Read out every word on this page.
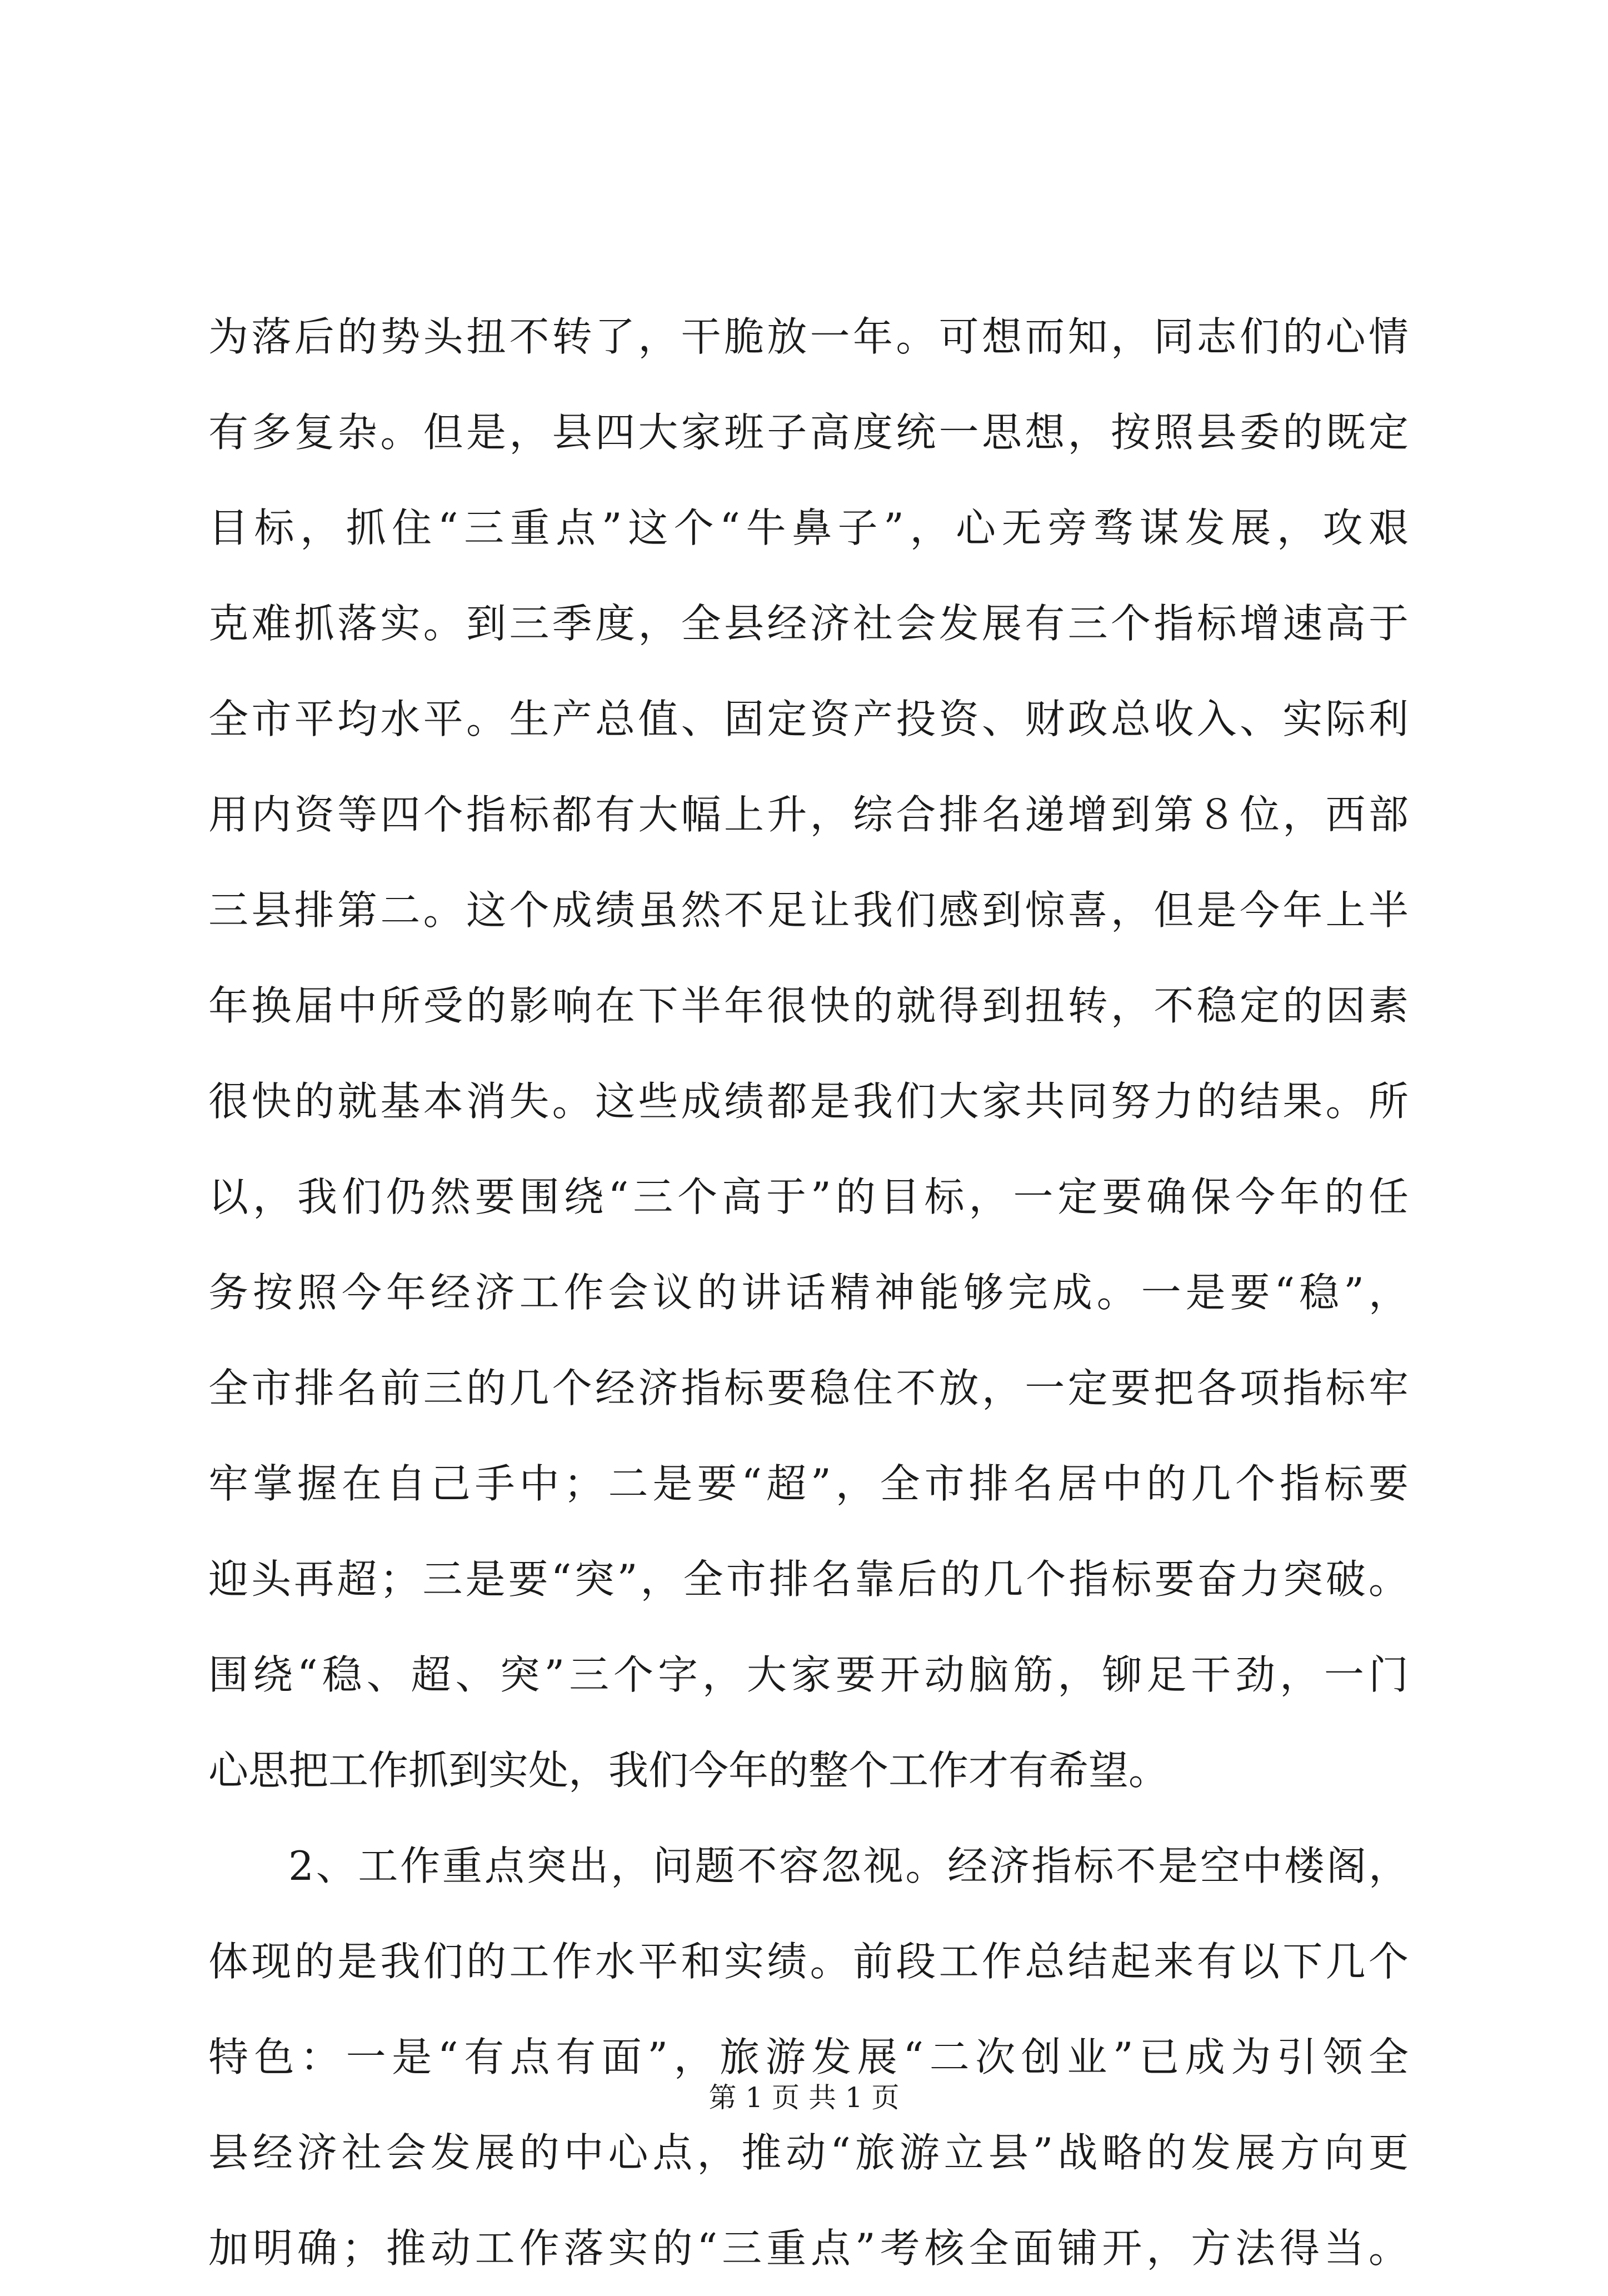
为落后的势头扭不转了，干脆放一年。可想而知，同志们的心情
有多复杂。但是，县四大家班子高度统一思想，按照县委的既定
目标，抓住“三重点”这个“牛鼻子”，心无旁骛谋发展，攻艰
克难抓落实。到三季度，全县经济社会发展有三个指标增速高于
全市平均水平。生产总值、固定资产投资、财政总收入、实际利
用内资等四个指标都有大幅上升，综合排名递增到第８位，西部
三县排第二。这个成绩虽然不足让我们感到惊喜，但是今年上半
年换届中所受的影响在下半年很快的就得到扭转，不稳定的因素
很快的就基本消失。这些成绩都是我们大家共同努力的结果。所
以，我们仍然要围绕“三个高于”的目标，一定要确保今年的任
务按照今年经济工作会议的讲话精神能够完成。一是要“稳”，
全市排名前三的几个经济指标要稳住不放，一定要把各项指标牢
牢掌握在自己手中；二是要“超”，全市排名居中的几个指标要
迎头再超；三是要“突”，全市排名靠后的几个指标要奋力突破。
围绕“稳、超、突”三个字，大家要开动脑筋，铆足干劲，一门
心思把工作抓到实处，我们今年的整个工作才有希望。
2、工作重点突出，问题不容忽视。经济指标不是空中楼阁，
体现的是我们的工作水平和实绩。前段工作总结起来有以下几个
特色：一是“有点有面”，旅游发展“二次创业”已成为引领全
县经济社会发展的中心点，推动“旅游立县”战略的发展方向更
加明确；推动工作落实的“三重点”考核全面铺开，方法得当。
第 1 页 共 1 页
